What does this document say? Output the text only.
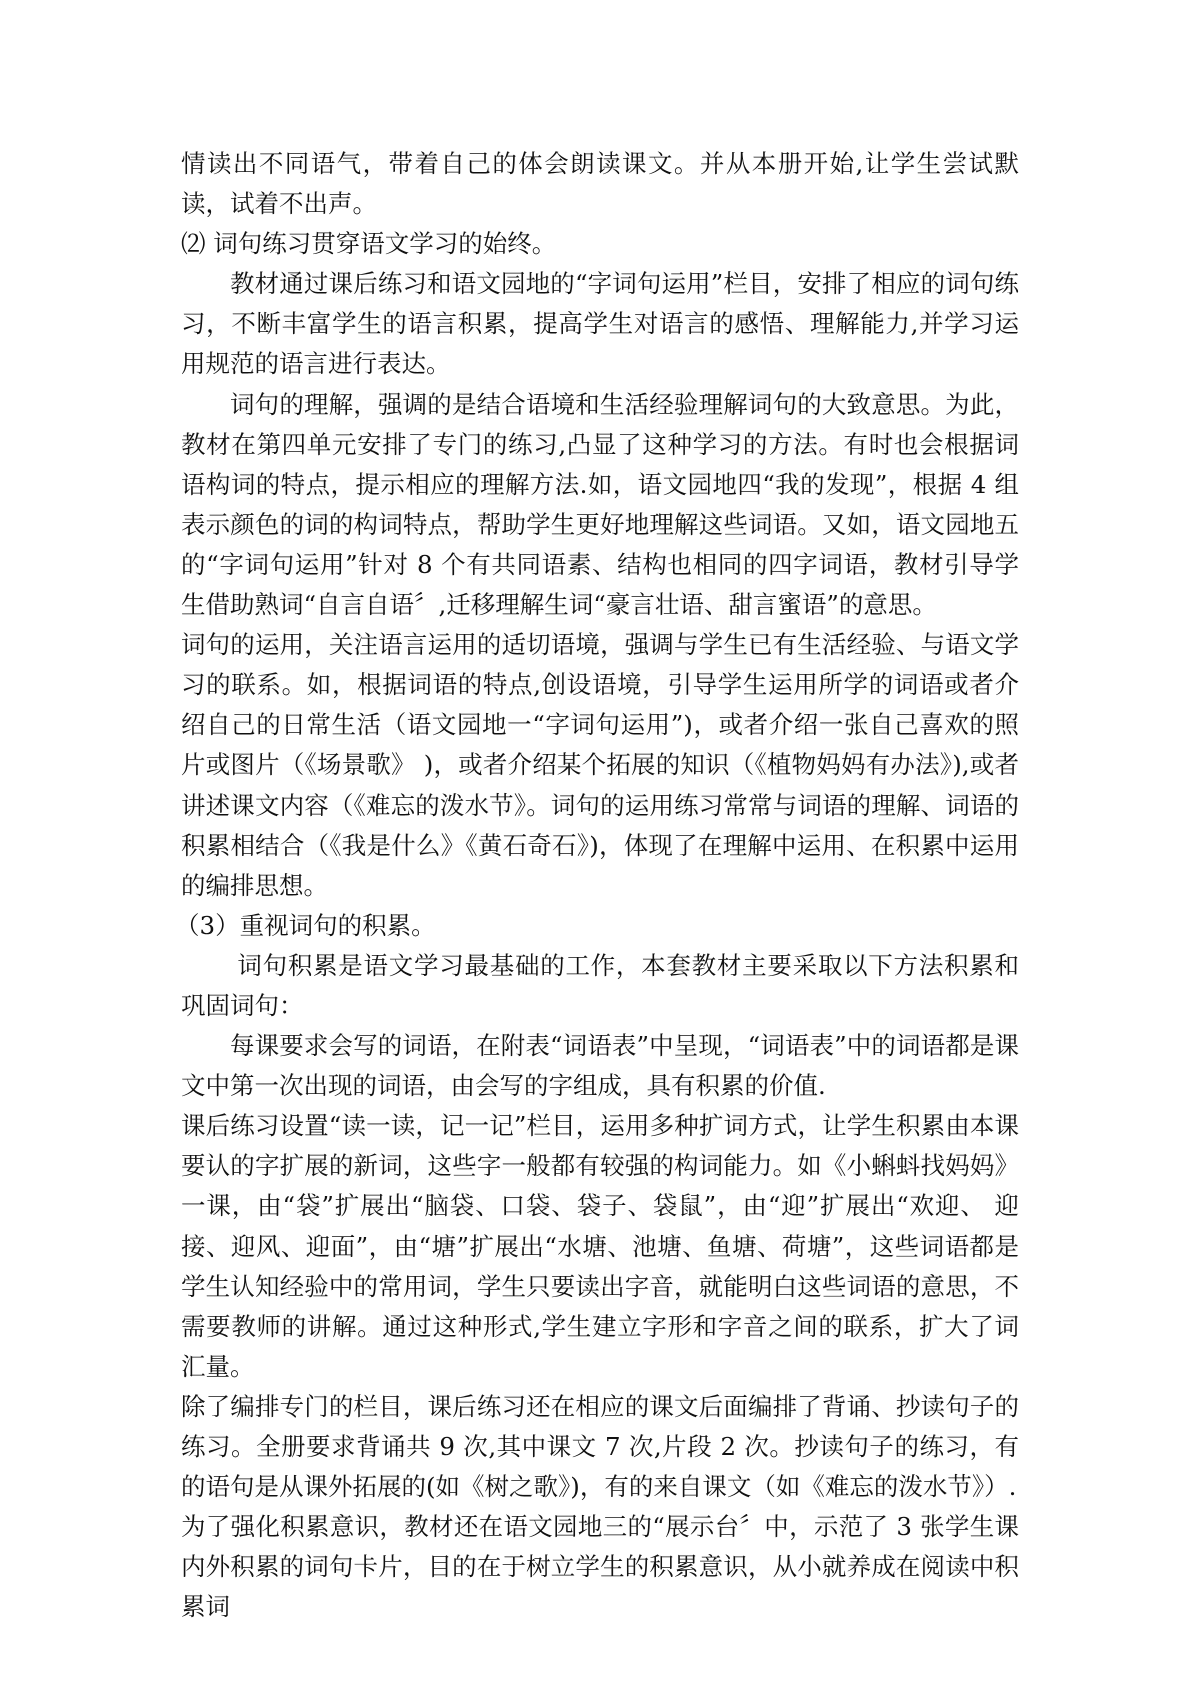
情读出不同语气，带着自己的体会朗读课文。并从本册开始,让学生尝试默读，试着不出声。

⑵ 词句练习贯穿语文学习的始终。

教材通过课后练习和语文园地的“字词句运用”栏目，安排了相应的词句练习，不断丰富学生的语言积累，提高学生对语言的感悟、理解能力,并学习运用规范的语言进行表达。

词句的理解，强调的是结合语境和生活经验理解词句的大致意思。为此，教材在第四单元安排了专门的练习,凸显了这种学习的方法。有时也会根据词语构词的特点，提示相应的理解方法.如，语文园地四“我的发现”，根据 4 组表示颜色的词的构词特点，帮助学生更好地理解这些词语。又如，语文园地五的“字词句运用”针对 8 个有共同语素、结构也相同的四字词语，教材引导学生借助熟词“自言自语〞,迁移理解生词“豪言壮语、甜言蜜语”的意思。

词句的运用，关注语言运用的适切语境，强调与学生已有生活经验、与语文学习的联系。如，根据词语的特点,创设语境，引导学生运用所学的词语或者介绍自己的日常生活（语文园地一“字词句运用”)，或者介绍一张自己喜欢的照片或图片（《场景歌》 )，或者介绍某个拓展的知识（《植物妈妈有办法》),或者讲述课文内容（《难忘的泼水节》。词句的运用练习常常与词语的理解、词语的积累相结合（《我是什么》《黄石奇石》)，体现了在理解中运用、在积累中运用的编排思想。

（3）重视词句的积累。

词句积累是语文学习最基础的工作，本套教材主要采取以下方法积累和巩固词句：

每课要求会写的词语，在附表“词语表”中呈现，“词语表”中的词语都是课文中第一次出现的词语，由会写的字组成，具有积累的价值.

课后练习设置“读一读，记一记”栏目，运用多种扩词方式，让学生积累由本课要认的字扩展的新词，这些字一般都有较强的构词能力。如《小蝌蚪找妈妈》一课，由“袋”扩展出“脑袋、口袋、袋子、袋鼠”，由“迎”扩展出“欢迎、 迎接、迎风、迎面”，由“塘”扩展出“水塘、池塘、鱼塘、荷塘”，这些词语都是学生认知经验中的常用词，学生只要读出字音，就能明白这些词语的意思，不需要教师的讲解。通过这种形式,学生建立字形和字音之间的联系，扩大了词汇量。

除了编排专门的栏目，课后练习还在相应的课文后面编排了背诵、抄读句子的练习。全册要求背诵共 9 次,其中课文 7 次,片段 2 次。抄读句子的练习，有的语句是从课外拓展的(如《树之歌》)，有的来自课文（如《难忘的泼水节》）.

为了强化积累意识，教材还在语文园地三的“展示台〞中，示范了 3 张学生课内外积累的词句卡片，目的在于树立学生的积累意识，从小就养成在阅读中积累词
